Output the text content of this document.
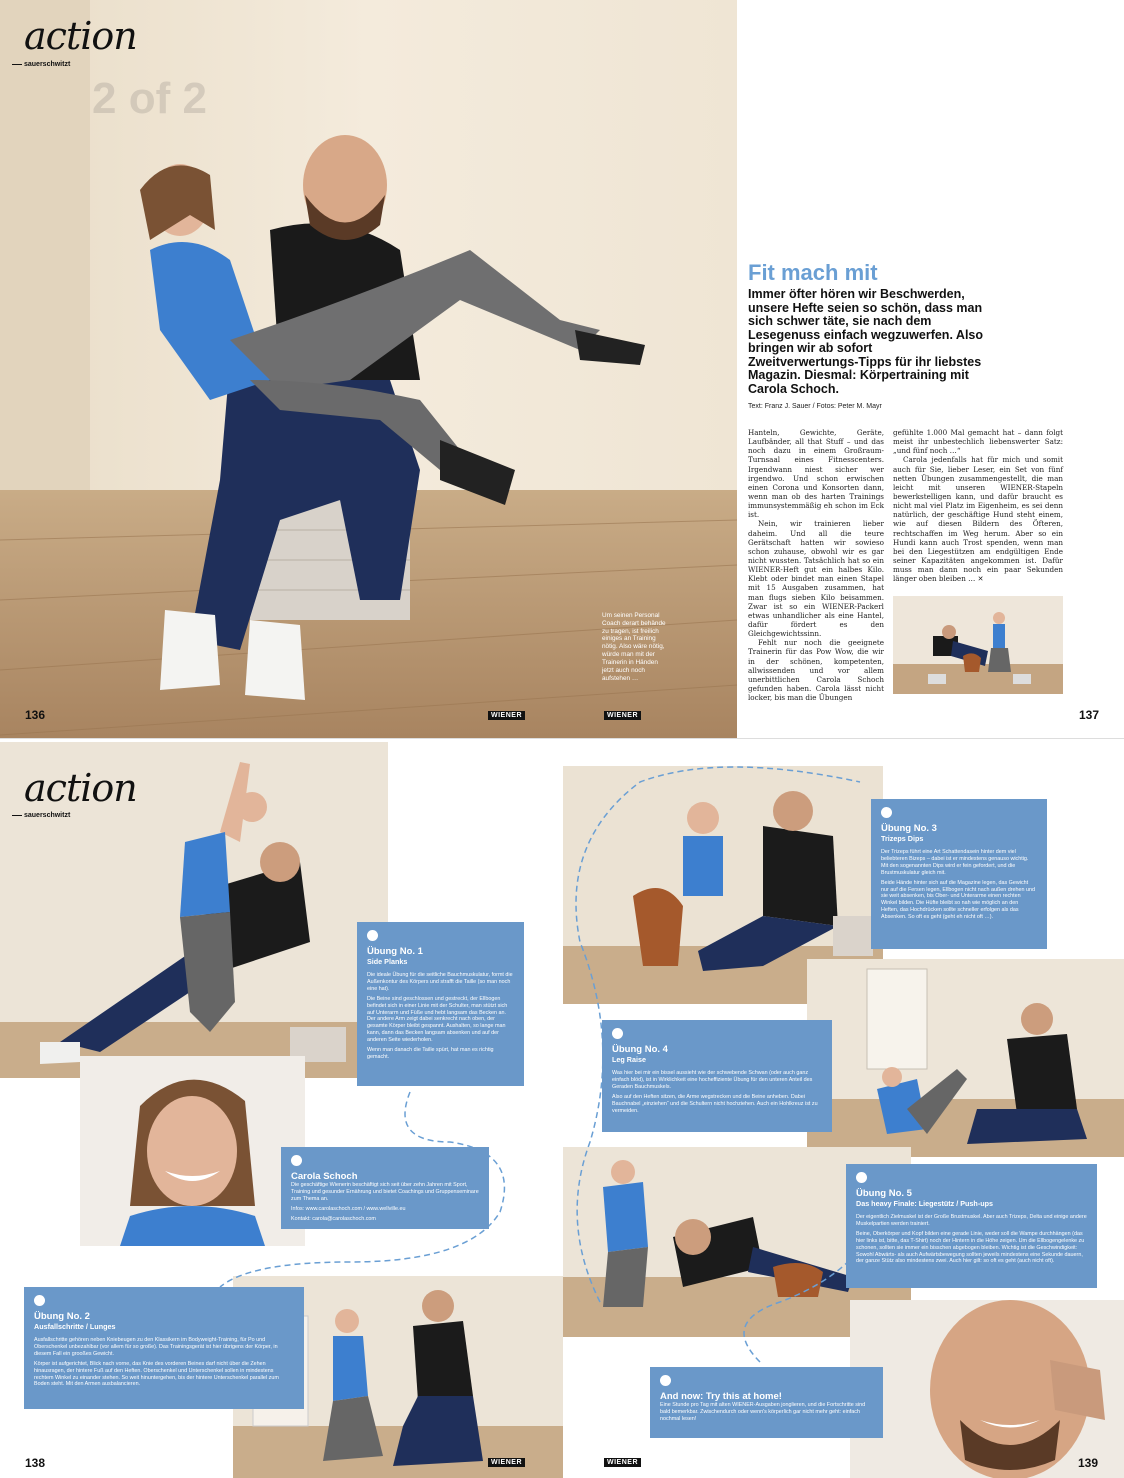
action
sauerschwitzt
2 of 2
Um seinen Personal Coach derart behände zu tragen, ist freilich einiges an Training nötig. Also wäre nötig, würde man mit der Trainerin in Händen jetzt auch noch aufstehen …
136	WIENER	WIENER
Fit mach mit
Immer öfter hören wir Beschwerden, unsere Hefte seien so schön, dass man sich schwer täte, sie nach dem Lesegenuss einfach wegzuwerfen. Also bringen wir ab sofort Zweitverwertungs-Tipps für ihr liebstes Magazin. Diesmal: Körpertraining mit Carola Schoch.
Text: Franz J. Sauer / Fotos: Peter M. Mayr

Hanteln, Gewichte, Geräte, Laufbänder, all that Stuff – und das noch dazu in einem Großraum-Turnsaal eines Fitnesscenters. Irgendwann niest sicher wer irgendwo. Und schon erwischen einen Corona und Konsorten dann, wenn man ob des harten Trainings immunsystemmäßig eh schon im Eck ist.

Nein, wir trainieren lieber daheim. Und all die teure Gerätschaft hatten wir sowieso schon zuhause, obwohl wir es gar nicht wussten. Tatsächlich hat so ein WIENER-Heft gut ein halbes Kilo. Klebt oder bindet man einen Stapel mit 15 Ausgaben zusammen, hat man flugs sieben Kilo beisammen. Zwar ist so ein WIENER-Packerl etwas unhandlicher als eine Hantel, dafür fördert es den Gleichgewichtssinn.

Fehlt nur noch die geeignete Trainerin für das Pow Wow, die wir in der schönen, kompetenten, allwissenden und vor allem unerbittlichen Carola Schoch gefunden haben. Carola lässt nicht locker, bis man die Übungen

gefühlte 1.000 Mal gemacht hat – dann folgt meist ihr unbestechlich liebenswerter Satz: „und fünf noch …“

Carola jedenfalls hat für mich und somit auch für Sie, lieber Leser, ein Set von fünf netten Übungen zusammengestellt, die man leicht mit unseren WIENER-Stapeln bewerkstelligen kann, und dafür braucht es nicht mal viel Platz im Eigenheim, es sei denn natürlich, der geschäftige Hund steht einem, wie auf diesen Bildern des Öfteren, rechtschaffen im Weg herum. Aber so ein Hundi kann auch Trost spenden, wenn man bei den Liegestützen am endgültigen Ende seiner Kapazitäten angekommen ist. Dafür muss man dann noch ein paar Sekunden länger oben bleiben … ✕

137
action
sauerschwitzt
Übung No. 1
Side Planks

Die ideale Übung für die seitliche Bauchmuskulatur, formt die Außenkontur des Körpers und strafft die Taille (so man noch eine hat).

Die Beine sind geschlossen und gestreckt, der Ellbogen befindet sich in einer Linie mit der Schulter, man stützt sich auf Unterarm und Füße und hebt langsam das Becken an. Der andere Arm zeigt dabei senkrecht nach oben, der gesamte Körper bleibt gespannt. Aushalten, so lange man kann, dann das Becken langsam absenken und auf der anderen Seite wiederholen.

Wenn man danach die Taille spürt, hat man es richtig gemacht.

Carola Schoch

Die geschäftige Wienerin beschäftigt sich seit über zehn Jahren mit Sport, Training und gesunder Ernährung und bietet Coachings und Gruppenseminare zum Thema an.

Infos: www.carolaschoch.com / www.wellville.eu

Kontakt: carola@carolaschoch.com

Übung No. 2
Ausfallschritte / Lunges

Ausfallschritte gehören neben Kniebeugen zu den Klassikern im Bodyweight-Training, für Po und Oberschenkel unbezahlbar (vor allem für so große). Das Trainingsgerät ist hier übrigens der Körper, in diesem Fall ein grooßes Gewicht.

Körper ist aufgerichtet, Blick nach vorne, das Knie des vorderen Beines darf nicht über die Zehen hinausragen, der hintere Fuß auf den Heften. Oberschenkel und Unterschenkel sollen in mindestens rechtem Winkel zu einander stehen. So weit hinuntergehen, bis der hintere Unterschenkel parallel zum Boden steht. Mit den Armen ausbalancieren.

Übung No. 3
Trizeps Dips

Der Trizeps führt eine Art Schattendasein hinter dem viel beliebteren Bizeps – dabei ist er mindestens genauso wichtig. Mit den sogenannten Dips wird er fein gefordert, und die Brustmuskulatur gleich mit.

Beide Hände hinter sich auf die Magazine legen, das Gewicht nur auf die Fersen legen, Ellbogen nicht nach außen drehen und sie weit absenken, bis Ober- und Unterarme einen rechten Winkel bilden. Die Hüfte bleibt so nah wie möglich an den Heften, das Hochdrücken sollte schneller erfolgen als das Absenken. So oft es geht (geht eh nicht oft …).

Übung No. 4
Leg Raise

Was hier bei mir ein bissel aussieht wie der schwebende Schwan (oder auch ganz einfach blöd), ist in Wirklichkeit eine hocheffiziente Übung für den unteren Anteil des Geraden Bauchmuskels.

Also auf den Heften sitzen, die Arme wegstrecken und die Beine anheben. Dabei Bauchnabel „einziehen“ und die Schultern nicht hochziehen. Auch ein Hohlkreuz ist zu vermeiden.

Übung No. 5
Das heavy Finale: Liegestütz / Push-ups

Der eigentlich Zielmuskel ist der Große Brustmuskel. Aber auch Trizeps, Delta und einige andere Muskelpartien werden trainiert.

Beine, Oberkörper und Kopf bilden eine gerade Linie, weder soll die Wampe durchhängen (das hier links ist, bitte, das T-Shirt) noch der Hintern in die Höhe zeigen. Um die Ellbogengelenke zu schonen, sollten sie immer ein bisschen abgebogen bleiben. Wichtig ist die Geschwindigkeit: Sowohl Abwärts- als auch Aufwärtsbewegung sollten jeweils mindestens eine Sekunde dauern, der ganze Stütz also mindestens zwei. Auch hier gilt: so oft es geht (auch nicht oft).

And now: Try this at home!

Eine Stunde pro Tag mit alten WIENER-Ausgaben jonglieren, und die Fortschritte sind bald bemerkbar. Zwischendurch oder wenn's körperlich gar nicht mehr geht: einfach nochmal lesen!

138	WIENER	WIENER	139
